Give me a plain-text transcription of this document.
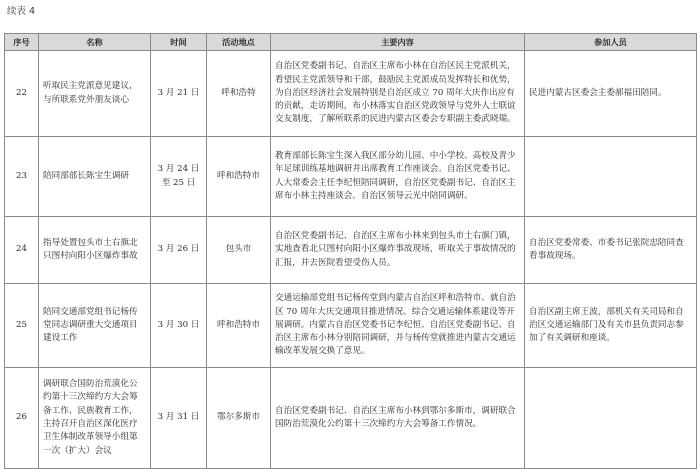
续表 4
序号	名称	时间	活动地点	主要内容	参加人员
22	听取民主党派意见建议，与所联系党外朋友谈心	3 月 21 日	呼和浩特	自治区党委副书记、自治区主席布小林在自治区民主党派机关，看望民主党派领导和干部，鼓励民主党派成员发挥特长和优势，为自治区经济社会发展特别是自治区成立 70 周年大庆作出应有的贡献，走访期间，布小林落实自治区党政领导与党外人士联谊交友制度，了解所联系的民进内蒙古区委会专职副主委武晓瑞。	民进内蒙古区委会主委郝福田陪同。
23	陪同部部长陈宝生调研	3 月 24 日至 25 日	呼和浩特市	教育部部长陈宝生深入我区部分幼儿园、中小学校、高校及青少年足球训练基地调研并出席教育工作座谈会。自治区党委书记、人大常委会主任李纪恒陪同调研，自治区党委副书记、自治区主席布小林主持座谈会。自治区领导云光中陪同调研。	
24	指导处置包头市土右旗北只图村向阳小区爆炸事故	3 月 26 日	包头市	自治区党委副书记、自治区主席布小林来到包头市土右旗门镇，实地查看北只图村向阳小区爆炸事故现场，听取关于事故情况的汇报，并去医院看望受伤人员。	自治区党委常委、市委书记张院忠陪同查看事故现场。
25	陪同交通部党组书记杨传堂同志调研重大交通项目建设工作	3 月 30 日	呼和浩特市	交通运输部党组书记杨传堂到内蒙古自治区呼和浩特市、就自治区 70 周年大庆交通项目推进情况、综合交通运输体系建设等开展调研。内蒙古自治区党委书记李纪恒、自治区党委副书记、自治区主席布小林分别陪同调研，并与杨传堂就推进内蒙古交通运输改革发展交换了意见。	自治区副主席王波，部机关有关司局和自治区交通运输部门及有关市县负责同志参加了有关调研和座谈。
26	调研联合国防治荒漠化公约第十三次缔约方大会筹备工作、民族教育工作，主持召开自治区深化医疗卫生体制改革领导小组第一次（扩大）会议	3 月 31 日	鄂尔多斯市	自治区党委副书记、自治区主席布小林到鄂尔多斯市，调研联合国防治荒漠化公约第十三次缔约方大会筹备工作情况。	
